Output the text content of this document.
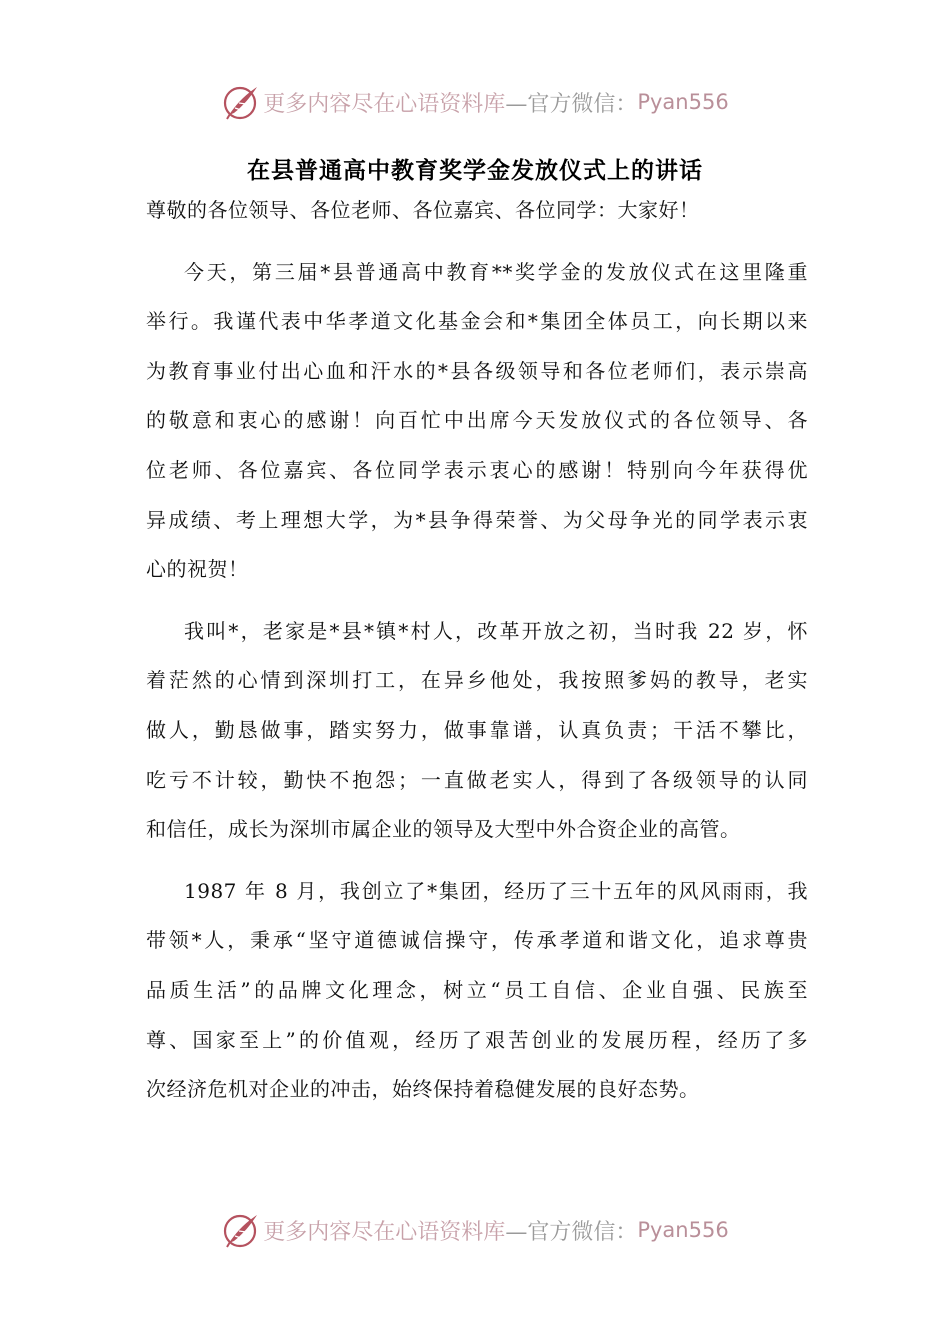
更多内容尽在心语资料库 —官方微信： Pyan556
在县普通高中教育奖学金发放仪式上的讲话
尊敬的各位领导、各位老师、各位嘉宾、各位同学：大家好！
今天，第三届*县普通高中教育**奖学金的发放仪式在这里隆重
举行。我谨代表中华孝道文化基金会和*集团全体员工，向长期以来
为教育事业付出心血和汗水的*县各级领导和各位老师们，表示崇高
的敬意和衷心的感谢！向百忙中出席今天发放仪式的各位领导、各
位老师、各位嘉宾、各位同学表示衷心的感谢！特别向今年获得优
异成绩、考上理想大学，为*县争得荣誉、为父母争光的同学表示衷
心的祝贺！
我叫*，老家是*县*镇*村人，改革开放之初，当时我 22 岁，怀
着茫然的心情到深圳打工，在异乡他处，我按照爹妈的教导，老实
做人，勤恳做事，踏实努力，做事靠谱，认真负责；干活不攀比，
吃亏不计较，勤快不抱怨；一直做老实人，得到了各级领导的认同
和信任，成长为深圳市属企业的领导及大型中外合资企业的高管。
1987 年 8 月，我创立了*集团，经历了三十五年的风风雨雨，我
带领*人，秉承“坚守道德诚信操守，传承孝道和谐文化，追求尊贵
品质生活”的品牌文化理念，树立“员工自信、企业自强、民族至
尊、国家至上”的价值观，经历了艰苦创业的发展历程，经历了多
次经济危机对企业的冲击，始终保持着稳健发展的良好态势。
更多内容尽在心语资料库 —官方微信： Pyan556
